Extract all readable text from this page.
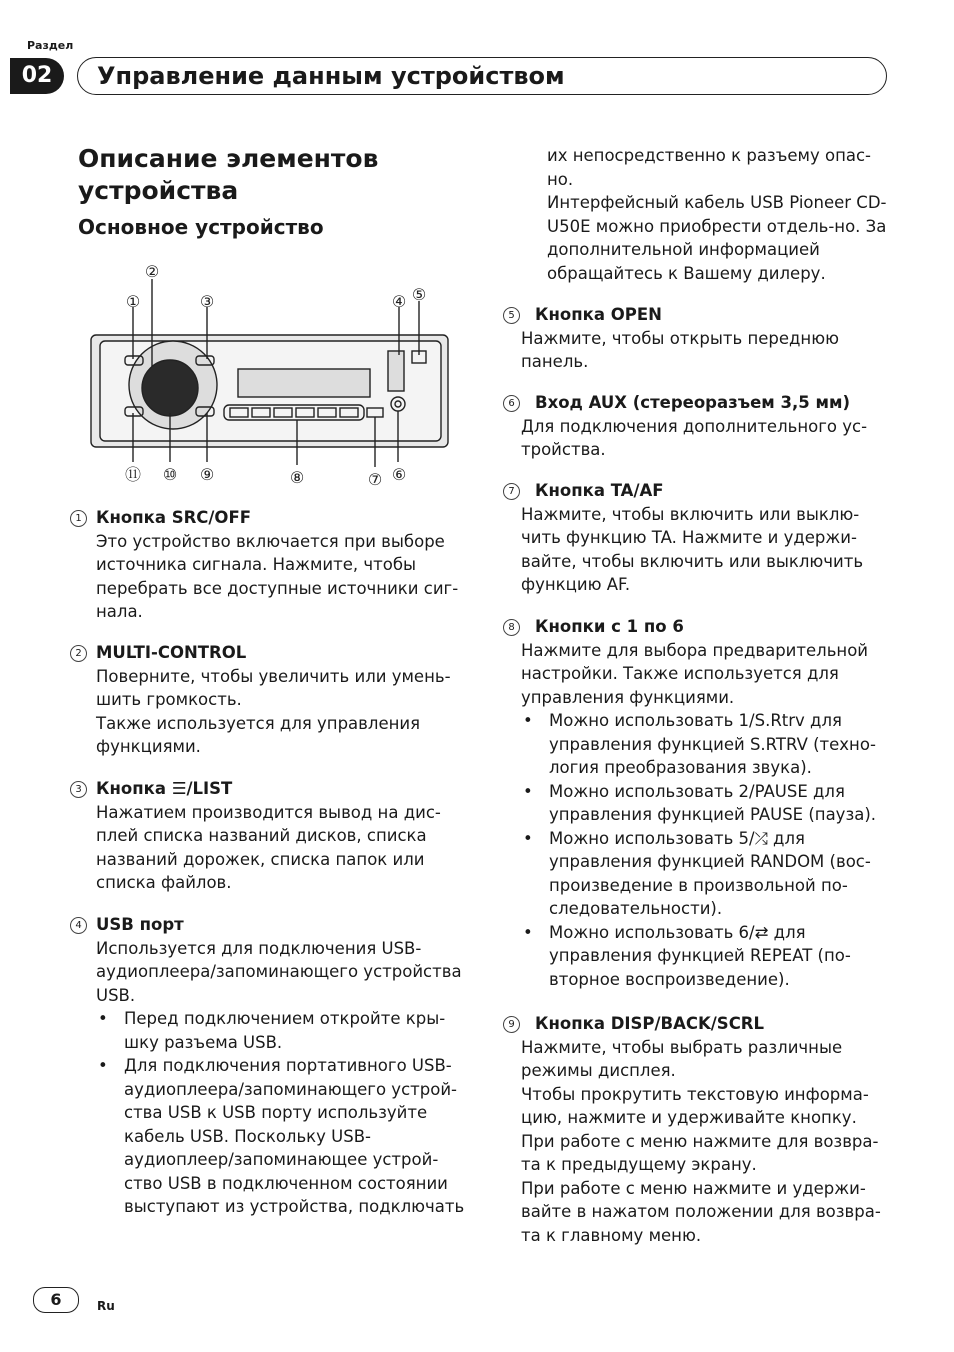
Раздел
02	Управление данным устройством
Описание элементов устройства
Основное устройство
①
②
③	④ ⑤
⑪ ⑩ ⑨	⑧	⑦ ⑥
1 Кнопка SRC/OFF

Это устройство включается при выборе источника сигнала. Нажмите, чтобы перебрать все доступные источники сиг-нала.

2 MULTI-CONTROL

Поверните, чтобы увеличить или умень-шить громкость.

Также используется для управления функциями.

3 Кнопка ☰/LIST

Нажатием производится вывод на дис-плей списка названий дисков, списка названий дорожек, списка папок или списка файлов.

4 USB порт

Используется для подключения USB-аудиоплеера/запоминающего устройства USB.

• Перед подключением откройте кры-шку разъема USB.
• Для подключения портативного USB-аудиоплеера/запоминающего устрой-ства USB к USB порту используйте кабель USB. Поскольку USB-аудиоплеер/запоминающее устрой-ство USB в подключенном состоянии выступают из устройства, подключать

их непосредственно к разъему опас-но.

Интерфейсный кабель USB Pioneer CD-U50E можно приобрести отдель-но. За дополнительной информацией обращайтесь к Вашему дилеру.

5	Кнопка OPEN

Нажмите, чтобы открыть переднюю панель.

6	Вход AUX (стереоразъем 3,5 мм)

Для подключения дополнительного ус-тройства.

7	Кнопка TA/AF

Нажмите, чтобы включить или выклю-чить функцию TA. Нажмите и удержи-вайте, чтобы включить или выключить функцию AF.

8	Кнопки с 1 по 6

Нажмите для выбора предварительной настройки. Также используется для управления функциями.

• Можно использовать 1/S.Rtrv для управления функцией S.RTRV (техно-логия преобразования звука).
• Можно использовать 2/PAUSE для управления функцией PAUSE (пауза).
• Можно использовать 5/⤮ для управления функцией RANDOM (вос-произведение в произвольной по-следовательности).
• Можно использовать 6/⇄ для управления функцией REPEAT (по-вторное воспроизведение).
9	Кнопка DISP/BACK/SCRL

Нажмите, чтобы выбрать различные режимы дисплея.

Чтобы прокрутить текстовую информа-цию, нажмите и удерживайте кнопку.

При работе с меню нажмите для возвра-та к предыдущему экрану.

При работе с меню нажмите и удержи-вайте в нажатом положении для возвра-та к главному меню.

6	Ru
